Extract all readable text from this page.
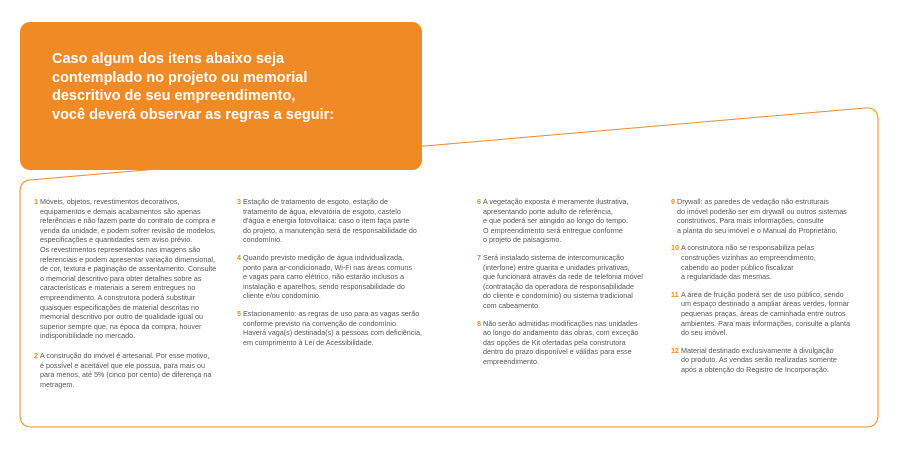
Caso algum dos itens abaixo seja
contemplado no projeto ou memorial
descritivo de seu empreendimento,
você deverá observar as regras a seguir:
1 Móveis, objetos, revestimentos decorativos,
equipamentos e demais acabamentos são apenas
referências e não fazem parte do contrato de compra e
venda da unidade, e podem sofrer revisão de modelos,
especificações e quantidades sem aviso prévio.
Os revestimentos representados nas imagens são
referenciais e podem apresentar variação dimensional,
de cor, textura e paginação de assentamento. Consulte
o memorial descritivo para obter detalhes sobre as
características e materiais a serem entregues no
empreendimento. A construtora poderá substituir
quaisquer especificações de material descritas no
memorial descritivo por outro de qualidade igual ou
superior sempre que, na época da compra, houver
indisponibilidade no mercado.
2 A construção do imóvel é artesanal. Por esse motivo,
é possível e aceitável que ele possua, para mais ou
para menos, até 5% (cinco por cento) de diferença na
metragem.
3 Estação de tratamento de esgoto, estação de
tratamento de água, elevatória de esgoto, castelo
d'água e energia fotovoltaica: caso o item faça parte
do projeto, a manutenção será de responsabilidade do
condomínio.
4 Quando previsto medição de água individualizada,
ponto para ar-condicionado, Wi-Fi nas áreas comuns
e vagas para carro elétrico, não estarão inclusos a
instalação e aparelhos, sendo responsabilidade do
cliente e/ou condomínio.
5 Estacionamento: as regras de uso para as vagas serão
conforme previsto na convenção de condomínio.
Haverá vaga(s) destinada(s) a pessoas com deficiência,
em cumprimento à Lei de Acessibilidade.
6 A vegetação exposta é meramente ilustrativa,
apresentando porte adulto de referência,
e que poderá ser atingido ao longo do tempo.
O empreendimento será entregue conforme
o projeto de paisagismo.
7 Será instalado sistema de intercomunicação
(interfone) entre guarita e unidades privativas,
que funcionará através da rede de telefonia móvel
(contratação da operadora de responsabilidade
do cliente e condomínio) ou sistema tradicional
com cabeamento.
8 Não serão admitidas modificações nas unidades
ao longo do andamento das obras, com exceção
das opções de Kit ofertadas pela construtora
dentro do prazo disponível e válidas para esse
empreendimento.
9 Drywall: as paredes de vedação não estruturais
do imóvel poderão ser em drywall ou outros sistemas
construtivos. Para mais informações, consulte
a planta do seu imóvel e o Manual do Proprietário.
10 A construtora não se responsabiliza pelas
construções vizinhas ao empreendimento,
cabendo ao poder público fiscalizar
a regularidade das mesmas.
11 A área de fruição poderá ser de uso público, sendo
um espaço destinado a ampliar áreas verdes, formar
pequenas praças, áreas de caminhada entre outros
ambientes. Para mais informações, consulte a planta
do seu imóvel.
12 Material destinado exclusivamente à divulgação
do produto. As vendas serão realizadas somente
após a obtenção do Registro de Incorporação.
